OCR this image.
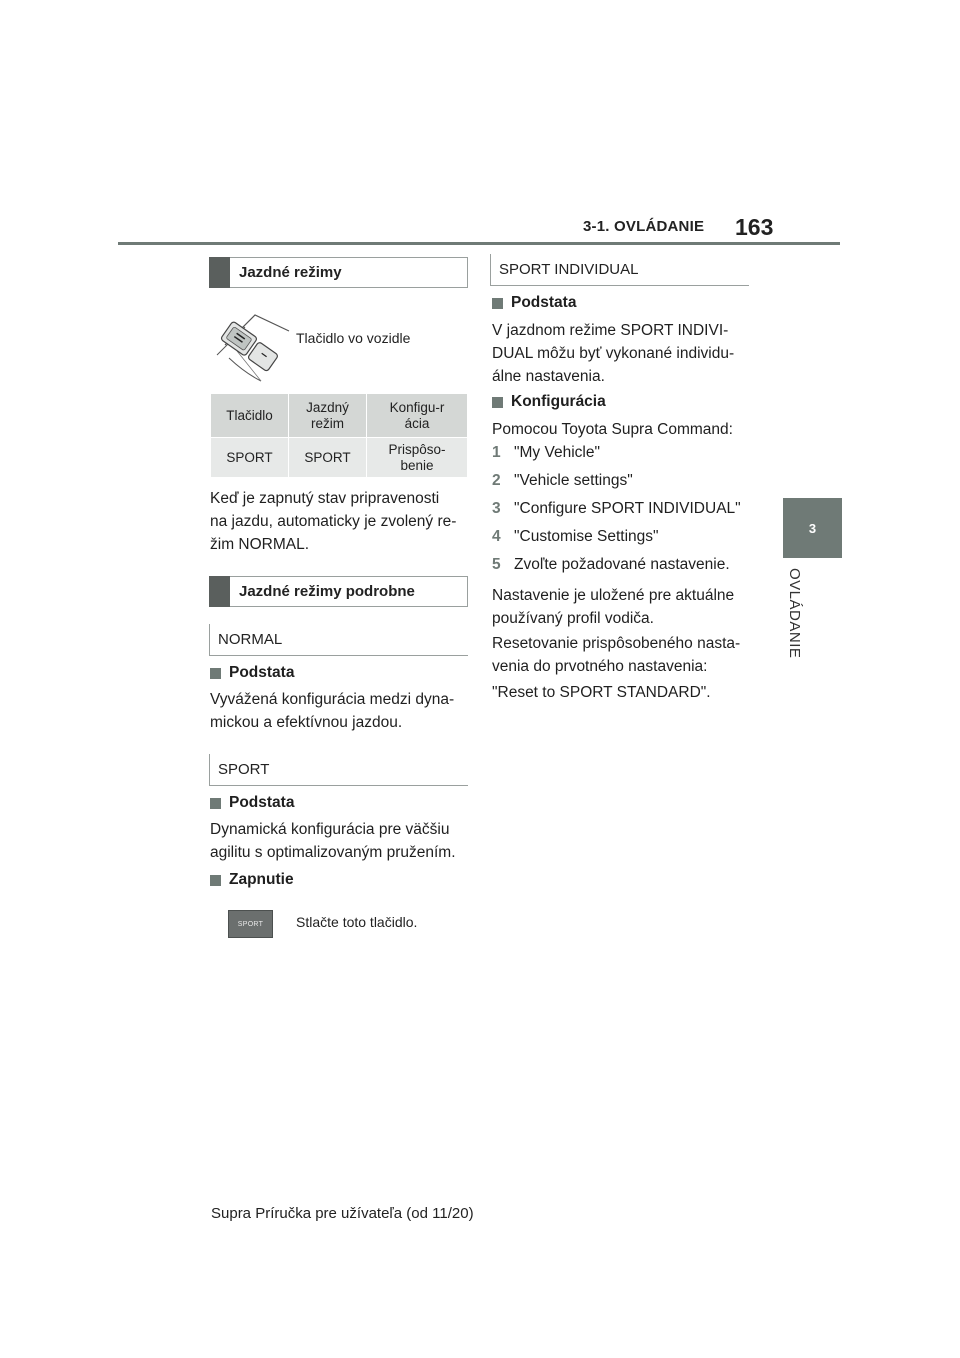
3-1. OVLÁDANIE 163
3
OVLÁDANIE
Jazdné režimy
Tlačidlo vo vozidle
Tlačidlo	Jazdný režim	Konfigu-rácia
SPORT	SPORT	Prispôso-benie
Keď je zapnutý stav pripravenosti
na jazdu, automaticky je zvolený re-
žim NORMAL.
Jazdné režimy podrobne
NORMAL
Podstata
Vyvážená konfigurácia medzi dyna-
mickou a efektívnou jazdou.
SPORT
Podstata
Dynamická konfigurácia pre väčšiu
agilitu s optimalizovaným pružením.
Zapnutie
SPORT Stlačte toto tlačidlo.
SPORT INDIVIDUAL
Podstata
V jazdnom režime SPORT INDIVI-
DUAL môžu byť vykonané individu-
álne nastavenia.
Konfigurácia
Pomocou Toyota Supra Command:
1 "My Vehicle"
2 "Vehicle settings"
3 "Configure SPORT INDIVIDUAL"
4 "Customise Settings"
5 Zvoľte požadované nastavenie.
Nastavenie je uložené pre aktuálne
používaný profil vodiča.
Resetovanie prispôsobeného nasta-
venia do prvotného nastavenia:
"Reset to SPORT STANDARD".
Supra Príručka pre užívateľa (od 11/20)
